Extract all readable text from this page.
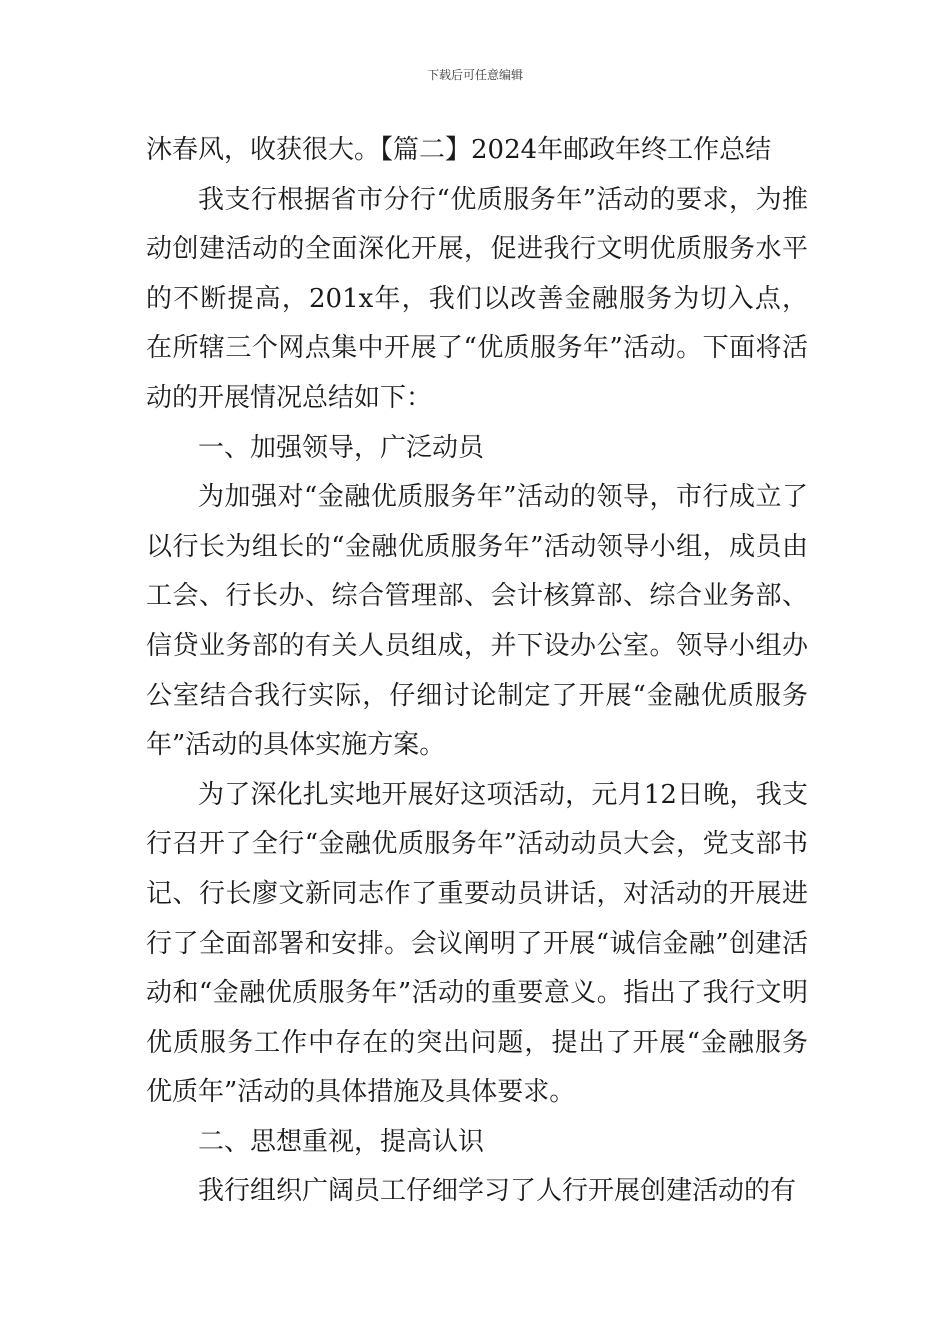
下载后可任意编辑

沐春风，收获很大。【篇二】2024年邮政年终工作总结

我支行根据省市分行“优质服务年”活动的要求，为推动创建活动的全面深化开展，促进我行文明优质服务水平的不断提高，201x年，我们以改善金融服务为切入点，在所辖三个网点集中开展了“优质服务年”活动。下面将活动的开展情况总结如下：

一、加强领导，广泛动员

为加强对“金融优质服务年”活动的领导，市行成立了以行长为组长的“金融优质服务年”活动领导小组，成员由工会、行长办、综合管理部、会计核算部、综合业务部、信贷业务部的有关人员组成，并下设办公室。领导小组办公室结合我行实际，仔细讨论制定了开展“金融优质服务年”活动的具体实施方案。

为了深化扎实地开展好这项活动，元月12日晚，我支行召开了全行“金融优质服务年”活动动员大会，党支部书记、行长廖文新同志作了重要动员讲话，对活动的开展进行了全面部署和安排。会议阐明了开展“诚信金融”创建活动和“金融优质服务年”活动的重要意义。指出了我行文明优质服务工作中存在的突出问题，提出了开展“金融服务优质年”活动的具体措施及具体要求。

二、思想重视，提高认识

我行组织广阔员工仔细学习了人行开展创建活动的有
